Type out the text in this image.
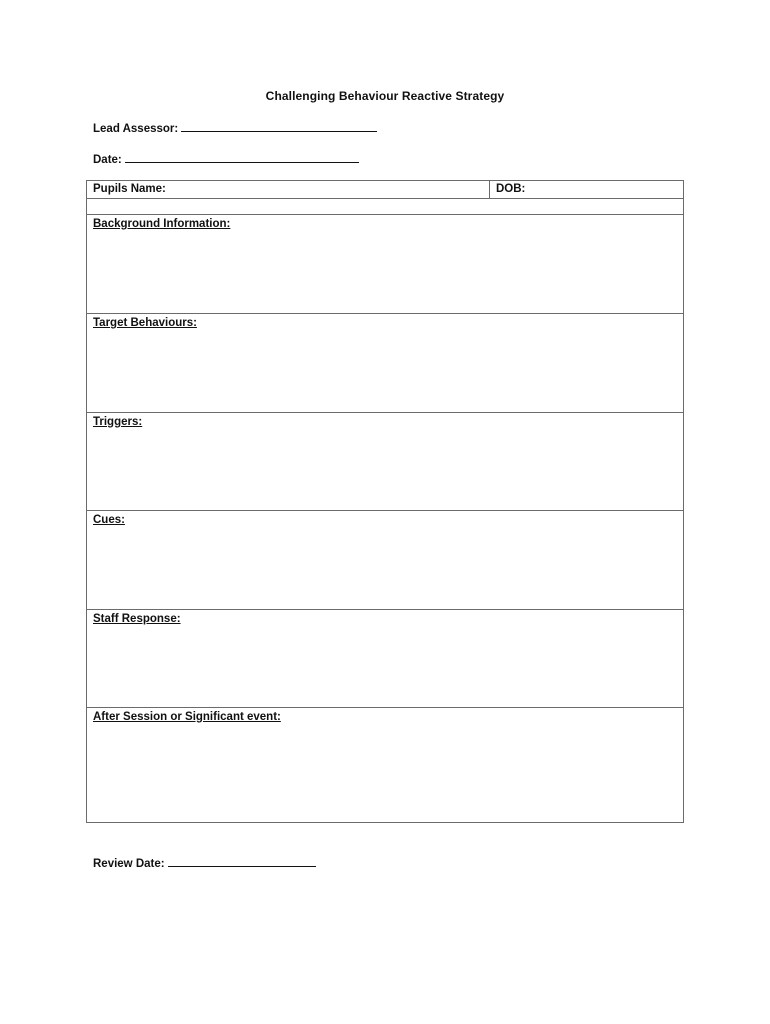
Challenging Behaviour Reactive Strategy
Lead Assessor:
Date:
Pupils Name:	DOB:
Background Information:
Target Behaviours:
Triggers:
Cues:
Staff Response:
After Session or Significant event:
Review Date:
